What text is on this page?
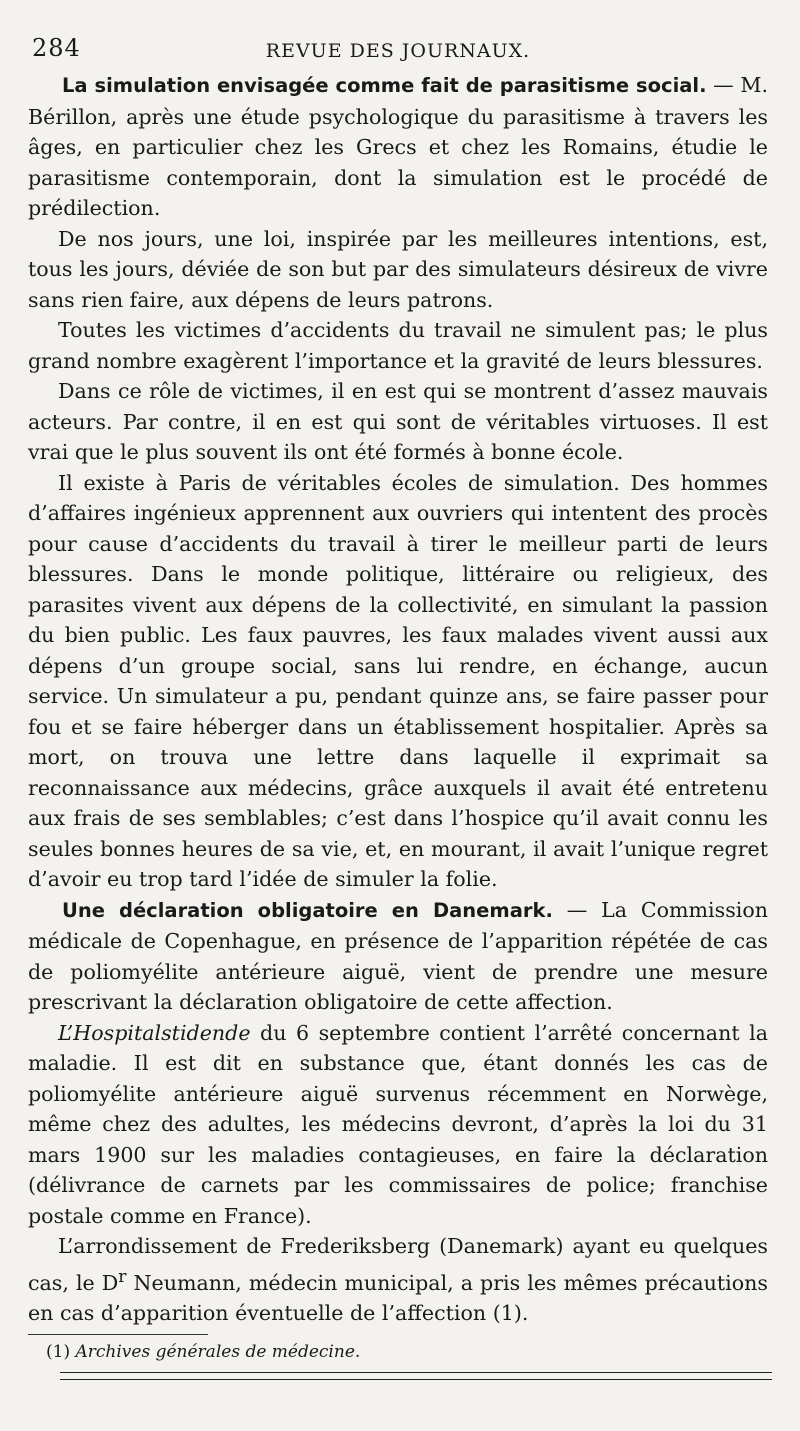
284	REVUE DES JOURNAUX.

La simulation envisagée comme fait de parasitisme social. — M. Bérillon, après une étude psychologique du parasitisme à travers les âges, en particulier chez les Grecs et chez les Romains, étudie le parasitisme contemporain, dont la simulation est le procédé de prédilection.

De nos jours, une loi, inspirée par les meilleures intentions, est, tous les jours, déviée de son but par des simulateurs désireux de vivre sans rien faire, aux dépens de leurs patrons.

Toutes les victimes d’accidents du travail ne simulent pas; le plus grand nombre exagèrent l’importance et la gravité de leurs blessures.

Dans ce rôle de victimes, il en est qui se montrent d’assez mauvais acteurs. Par contre, il en est qui sont de véritables virtuoses. Il est vrai que le plus souvent ils ont été formés à bonne école.

Il existe à Paris de véritables écoles de simulation. Des hommes d’affaires ingénieux apprennent aux ouvriers qui intentent des procès pour cause d’accidents du travail à tirer le meilleur parti de leurs blessures. Dans le monde politique, littéraire ou religieux, des parasites vivent aux dépens de la collectivité, en simulant la passion du bien public. Les faux pauvres, les faux malades vivent aussi aux dépens d’un groupe social, sans lui rendre, en échange, aucun service. Un simulateur a pu, pendant quinze ans, se faire passer pour fou et se faire héberger dans un établissement hospitalier. Après sa mort, on trouva une lettre dans laquelle il exprimait sa reconnaissance aux médecins, grâce auxquels il avait été entretenu aux frais de ses semblables; c’est dans l’hospice qu’il avait connu les seules bonnes heures de sa vie, et, en mourant, il avait l’unique regret d’avoir eu trop tard l’idée de simuler la folie.

Une déclaration obligatoire en Danemark. — La Commission médicale de Copenhague, en présence de l’apparition répétée de cas de poliomyélite antérieure aiguë, vient de prendre une mesure prescrivant la déclaration obligatoire de cette affection.

L’Hospitalstidende du 6 septembre contient l’arrêté concernant la maladie. Il est dit en substance que, étant donnés les cas de poliomyélite antérieure aiguë survenus récemment en Norwège, même chez des adultes, les médecins devront, d’après la loi du 31 mars 1900 sur les maladies contagieuses, en faire la déclaration (délivrance de carnets par les commissaires de police; franchise postale comme en France).

L’arrondissement de Frederiksberg (Danemark) ayant eu quelques cas, le $D^r$ Neumann, médecin municipal, a pris les mêmes précautions en cas d’apparition éventuelle de l’affection (1).

(1) Archives générales de médecine.
